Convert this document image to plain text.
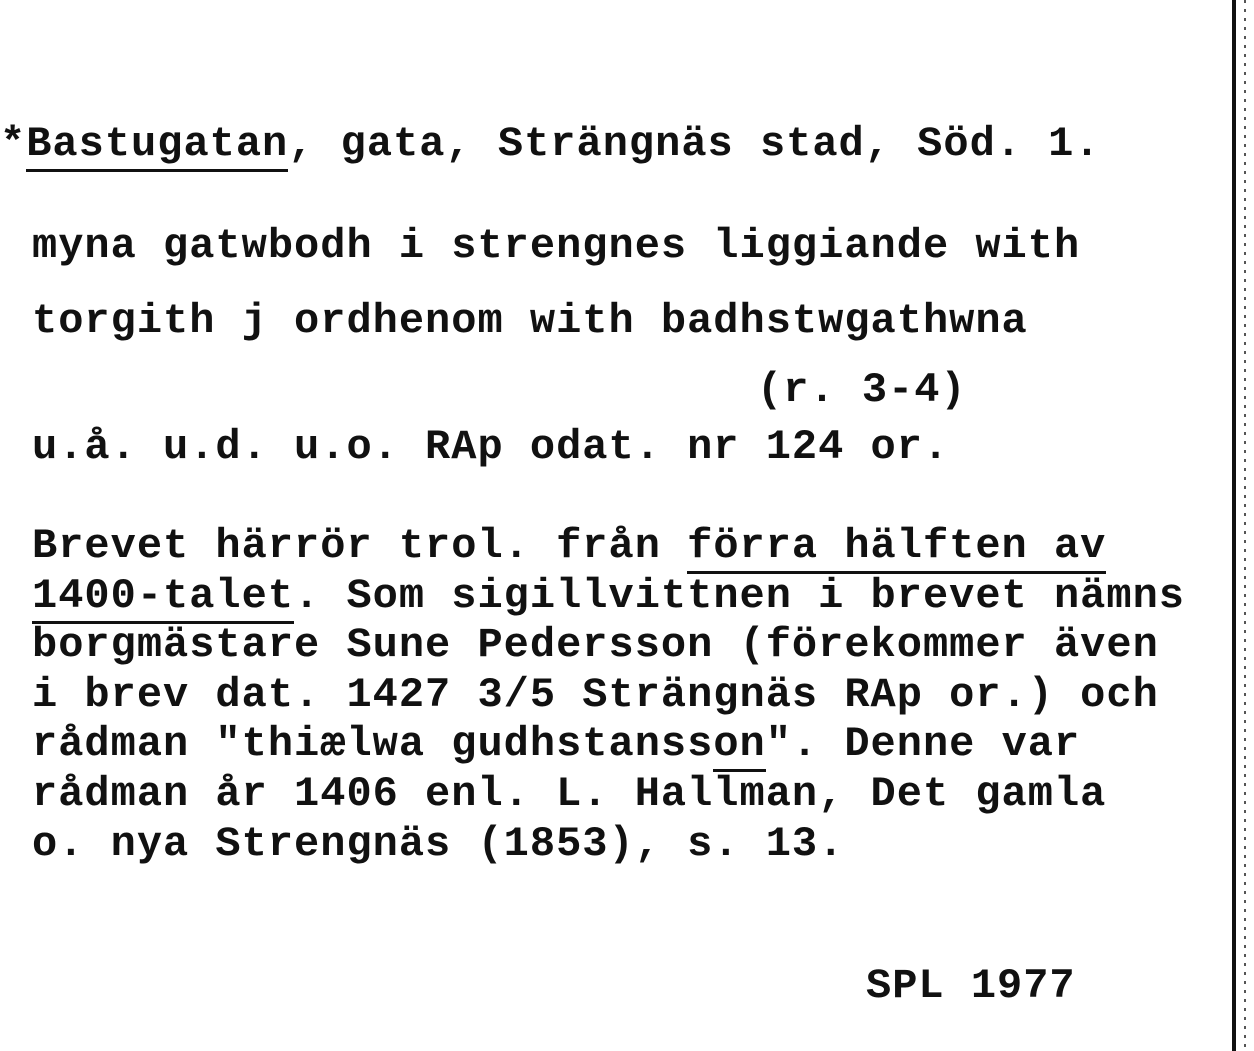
*Bastugatan, gata, Strängnäs stad, Söd. 1.
myna gatwbodh i strengnes liggiande with
torgith j ordhenom with badhstwgathwna
(r. 3-4)
u.å. u.d. u.o. RAp odat. nr 124 or.
Brevet härrör trol. från förra hälften av
1400-talet. Som sigillvittnen i brevet nämns
borgmästare Sune Pedersson (förekommer även
i brev dat. 1427 3/5 Strängnäs RAp or.) och
rådman "thiælwa gudhstansson". Denne var
rådman år 1406 enl. L. Hallman, Det gamla
o. nya Strengnäs (1853), s. 13.
SPL 1977
